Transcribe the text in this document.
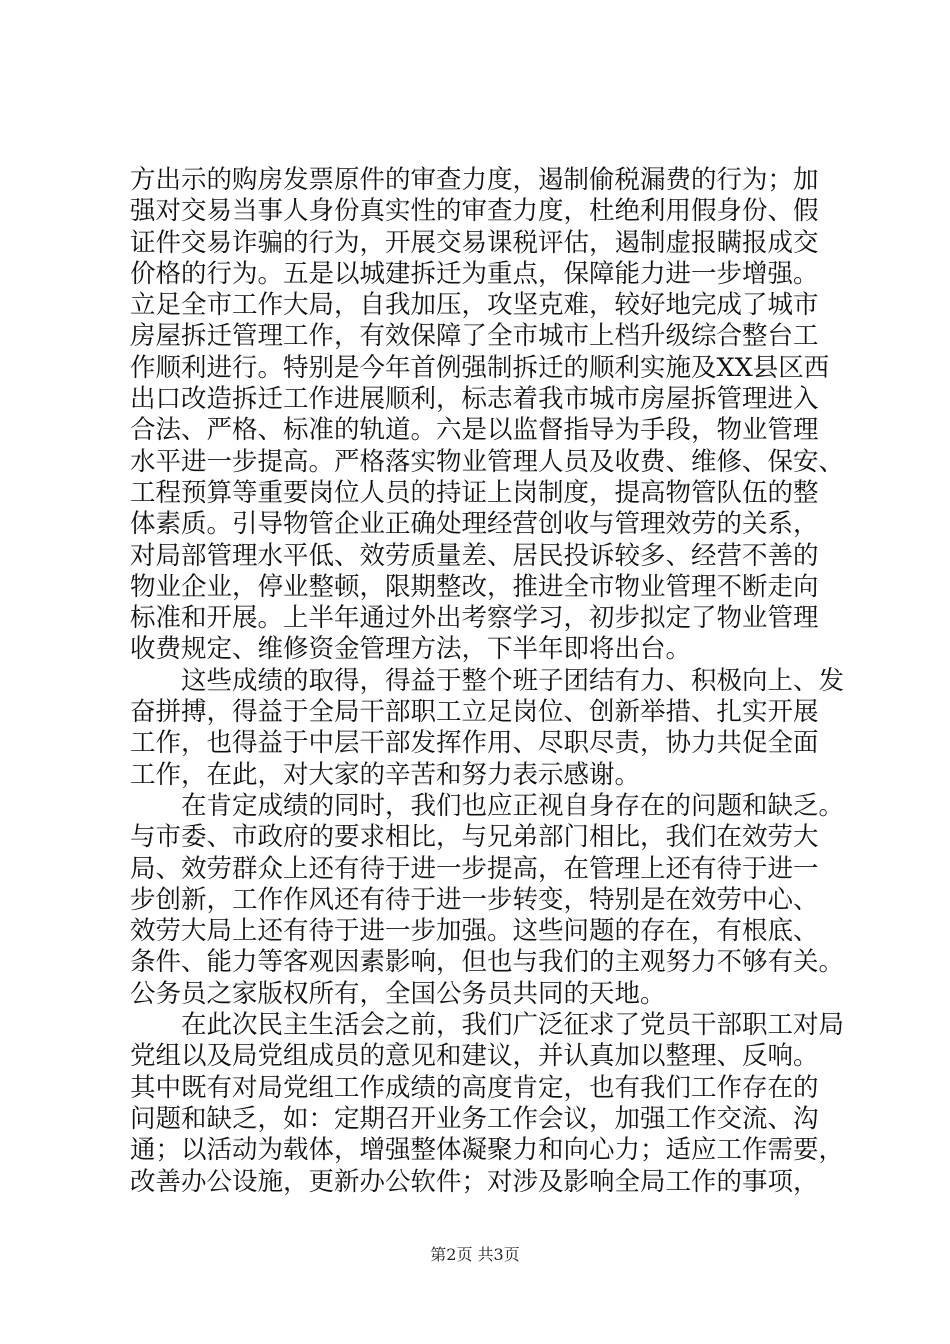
方出示的购房发票原件的审查力度，遏制偷税漏费的行为；加
强对交易当事人身份真实性的审查力度，杜绝利用假身份、假
证件交易诈骗的行为，开展交易课税评估，遏制虚报瞒报成交
价格的行为。五是以城建拆迁为重点，保障能力进一步增强。
立足全市工作大局，自我加压，攻坚克难，较好地完成了城市
房屋拆迁管理工作，有效保障了全市城市上档升级综合整台工
作顺利进行。特别是今年首例强制拆迁的顺利实施及XX县区西
出口改造拆迁工作进展顺利，标志着我市城市房屋拆管理进入
合法、严格、标准的轨道。六是以监督指导为手段，物业管理
水平进一步提高。严格落实物业管理人员及收费、维修、保安、
工程预算等重要岗位人员的持证上岗制度，提高物管队伍的整
体素质。引导物管企业正确处理经营创收与管理效劳的关系，
对局部管理水平低、效劳质量差、居民投诉较多、经营不善的
物业企业，停业整顿，限期整改，推进全市物业管理不断走向
标准和开展。上半年通过外出考察学习，初步拟定了物业管理
收费规定、维修资金管理方法，下半年即将出台。
　　这些成绩的取得，得益于整个班子团结有力、积极向上、发
奋拼搏，得益于全局干部职工立足岗位、创新举措、扎实开展
工作，也得益于中层干部发挥作用、尽职尽责，协力共促全面
工作，在此，对大家的辛苦和努力表示感谢。
　　在肯定成绩的同时，我们也应正视自身存在的问题和缺乏。
与市委、市政府的要求相比，与兄弟部门相比，我们在效劳大
局、效劳群众上还有待于进一步提高，在管理上还有待于进一
步创新，工作作风还有待于进一步转变，特别是在效劳中心、
效劳大局上还有待于进一步加强。这些问题的存在，有根底、
条件、能力等客观因素影响，但也与我们的主观努力不够有关。
公务员之家版权所有，全国公务员共同的天地。
　　在此次民主生活会之前，我们广泛征求了党员干部职工对局
党组以及局党组成员的意见和建议，并认真加以整理、反响。
其中既有对局党组工作成绩的高度肯定，也有我们工作存在的
问题和缺乏，如：定期召开业务工作会议，加强工作交流、沟
通；以活动为载体，增强整体凝聚力和向心力；适应工作需要，
改善办公设施，更新办公软件；对涉及影响全局工作的事项，
第2页 共3页
